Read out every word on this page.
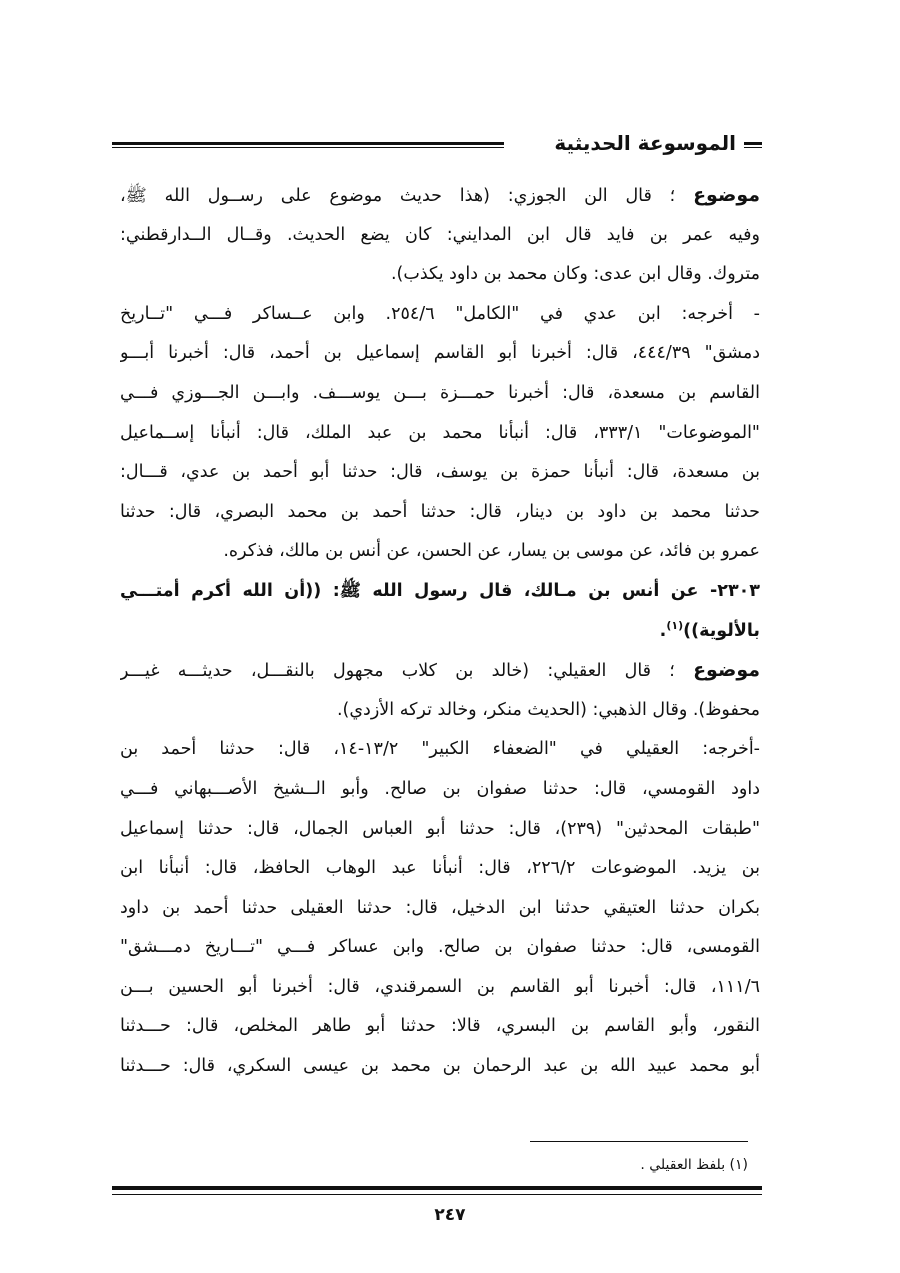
الموسوعة الحديثية
موضوع ؛ قال الن الجوزي: (هذا حديث موضوع على رســول الله ﷺ،
وفيه عمر بن فايد قال ابن المدايني: كان يضع الحديث. وقــال الــدارقطني:
متروك. وقال ابن عدى: وكان محمد بن داود يكذب).
- أخرجه: ابن عدي في "الكامل" ٢٥٤/٦. وابن عــساكر فـــي "تــاريخ
دمشق" ٤٤٤/٣٩، قال: أخبرنا أبو القاسم إسماعيل بن أحمد، قال: أخبرنا أبـــو
القاسم بن مسعدة، قال: أخبرنا حمـــزة بـــن يوســـف. وابـــن الجـــوزي فـــي
"الموضوعات" ٣٣٣/١، قال: أنبأنا محمد بن عبد الملك، قال: أنبأنا إســماعيل
بن مسعدة، قال: أنبأنا حمزة بن يوسف، قال: حدثنا أبو أحمد بن عدي، قـــال:
حدثنا محمد بن داود بن دينار، قال: حدثنا أحمد بن محمد البصري، قال: حدثنا
عمرو بن فائد، عن موسى بن يسار، عن الحسن، عن أنس بن مالك، فذكره.
٢٣٠٣- عن أنس بن مـالك، قال رسول الله ﷺ: ((أن الله أكرم أمتـــي
بالألوية))$^{(١)}$.
موضوع ؛ قال العقيلي: (خالد بن كلاب مجهول بالنقـــل، حديثـــه غيـــر
محفوظ). وقال الذهبي: (الحديث منكر، وخالد تركه الأزدي).
-أخرجه: العقيلي في "الضعفاء الكبير" ١٣/٢-١٤، قال: حدثنا أحمد بن
داود القومسي، قال: حدثنا صفوان بن صالح. وأبو الــشيخ الأصـــبهاني فـــي
"طبقات المحدثين" (٢٣٩)، قال: حدثنا أبو العباس الجمال، قال: حدثنا إسماعيل
بن يزيد. الموضوعات ٢٢٦/٢، قال: أنبأنا عبد الوهاب الحافظ، قال: أنبأنا ابن
بكران حدثنا العتيقي حدثنا ابن الدخيل، قال: حدثنا العقيلى حدثنا أحمد بن داود
القومسى، قال: حدثنا صفوان بن صالح. وابن عساكر فـــي "تـــاريخ دمـــشق"
١١١/٦، قال: أخبرنا أبو القاسم بن السمرقندي، قال: أخبرنا أبو الحسين بـــن
النقور، وأبو القاسم بن البسري، قالا: حدثنا أبو طاهر المخلص، قال: حـــدثنا
أبو محمد عبيد الله بن عبد الرحمان بن محمد بن عيسى السكري، قال: حـــدثنا
(١) بلفظ العقيلي .
٢٤٧
